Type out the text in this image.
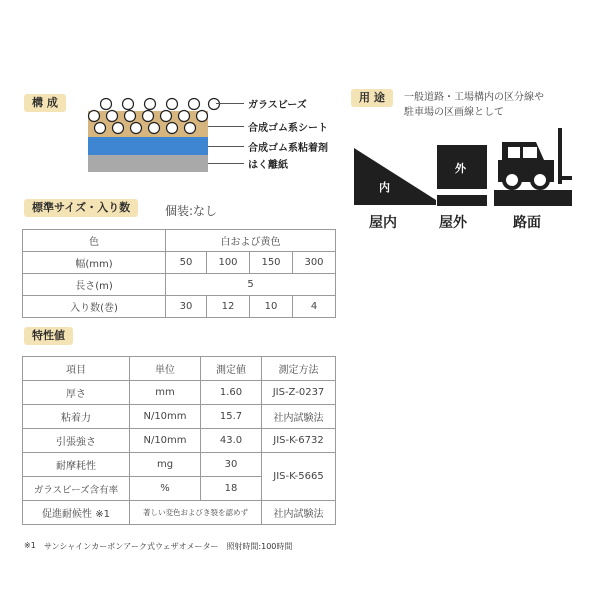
構 成	ガラスビーズ
合成ゴム系シート
合成ゴム系粘着剤
はく離紙
標準サイズ・入り数	個装:なし
色	白および黄色			
幅(mm)	50	100	150	300
長さ(m)	5			
入り数(巻)	30	12	10	4
特性値
項目	単位	測定値	測定方法
厚さ	mm	1.60	JIS-Z-0237
粘着力	N/10mm	15.7	社内試験法
引張強さ	N/10mm	43.0	JIS-K-6732
耐摩耗性	mg	30	JIS-K-5665
ガラスビーズ含有率	%	18	
促進耐候性 ※1	著しい変色およびき裂を認めず		社内試験法
※1 サンシャインカーボンアーク式ウェザオメーター　照射時間:100時間
用 途	一般道路・工場構内の区分線や
駐車場の区画線として
内
外
屋内	屋外	路面
